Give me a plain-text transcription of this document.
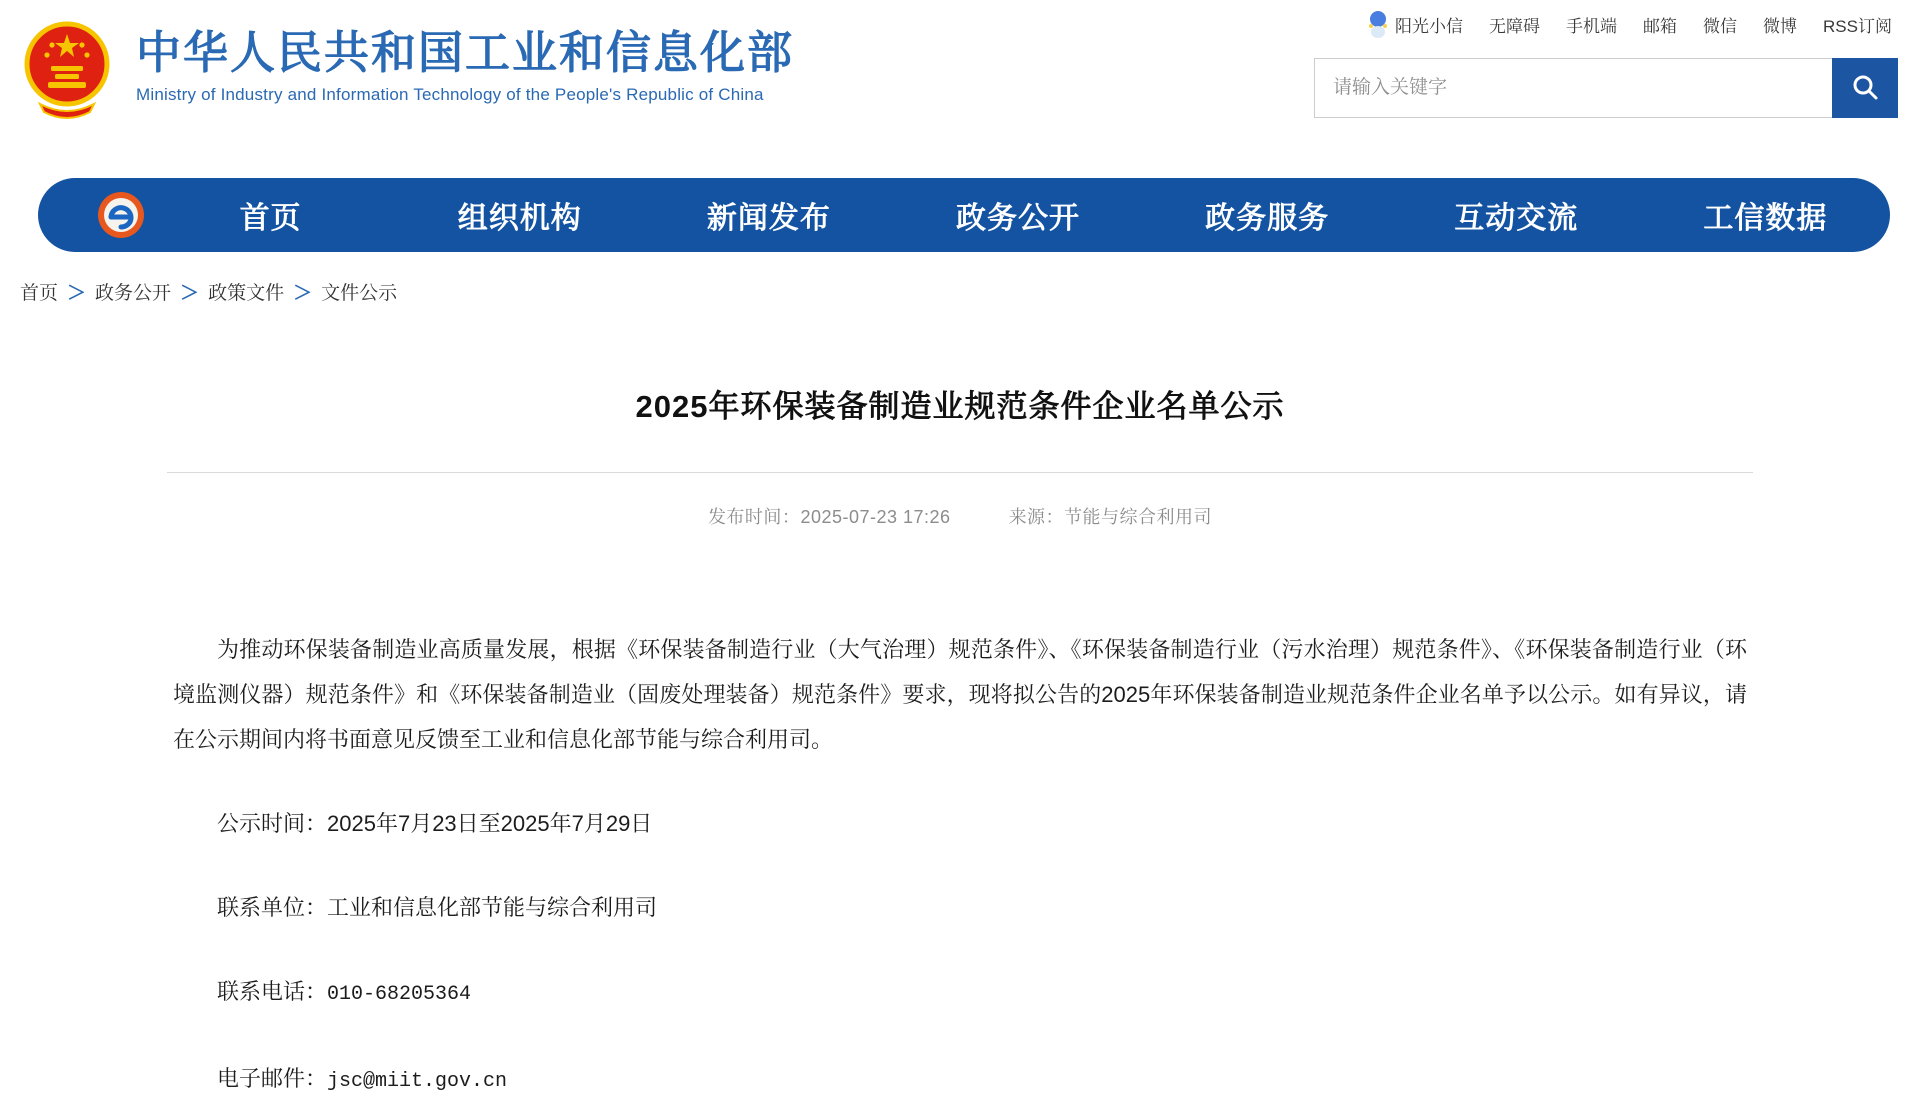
中华人民共和国工业和信息化部
Ministry of Industry and Information Technology of the People's Republic of China
阳光小信 无障碍 手机端 邮箱 微信 微博 RSS订阅
请输入关键字
首页	组织机构	新闻发布	政务公开	政务服务	互动交流	工信数据
首页 ＞ 政务公开 ＞ 政策文件 ＞ 文件公示
2025年环保装备制造业规范条件企业名单公示
发布时间：2025-07-23 17:26	来源：节能与综合利用司

为推动环保装备制造业高质量发展，根据《环保装备制造行业（大气治理）规范条件》、《环保装备制造行业（污水治理）规范条件》、《环保装备制造行业（环境监测仪器）规范条件》和《环保装备制造业（固废处理装备）规范条件》要求，现将拟公告的2025年环保装备制造业规范条件企业名单予以公示。如有异议，请在公示期间内将书面意见反馈至工业和信息化部节能与综合利用司。

公示时间：2025年7月23日至2025年7月29日

联系单位：工业和信息化部节能与综合利用司

联系电话：010-68205364

电子邮件：jsc@miit.gov.cn
